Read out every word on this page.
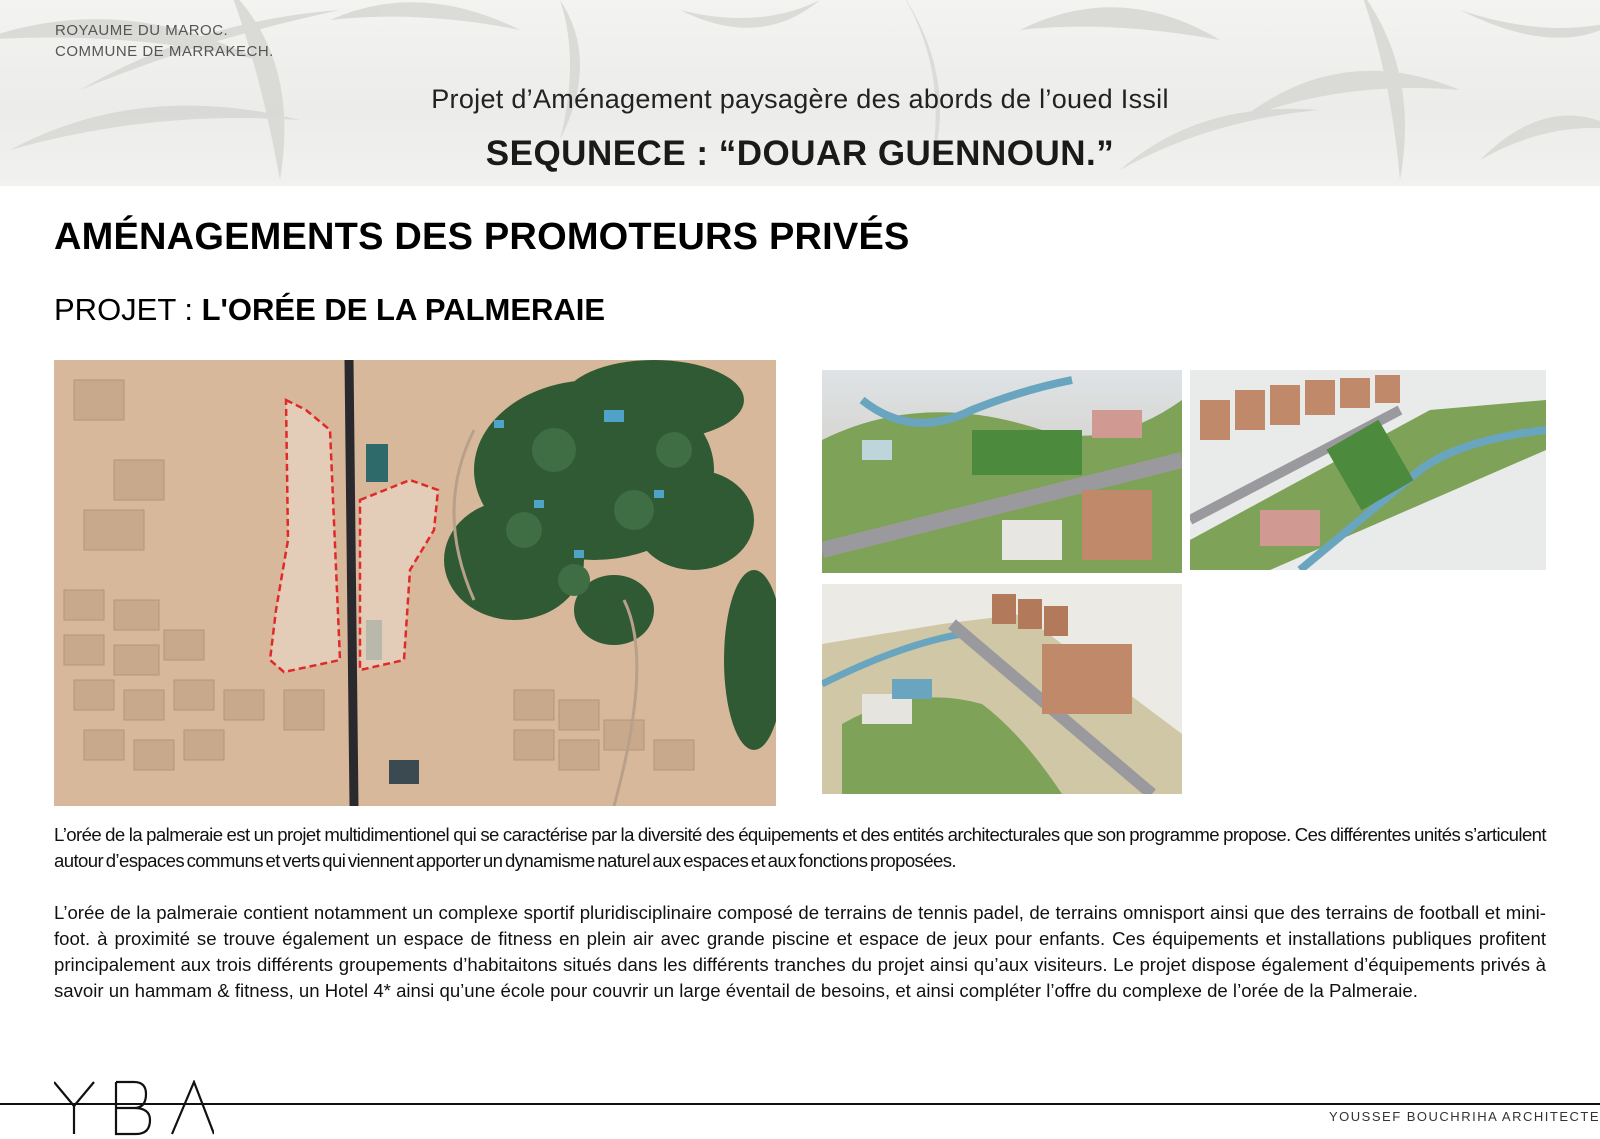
ROYAUME DU MAROC.
COMMUNE DE MARRAKECH.
Projet d’Aménagement paysagère des abords de l’oued Issil
SEQUNECE : “DOUAR GUENNOUN.”
AMÉNAGEMENTS DES PROMOTEURS PRIVÉS
PROJET : L'ORÉE DE LA PALMERAIE

L’orée de la palmeraie est un projet multidimentionel qui se caractérise par la diversité des équipements et des entités architecturales que son programme propose. Ces différentes unités s’articulent autour d’espaces communs et verts qui viennent apporter un dynamisme naturel aux espaces et aux fonctions proposées.

L’orée de la palmeraie contient notamment un complexe sportif pluridisciplinaire composé de terrains de tennis padel, de terrains omnisport ainsi que des terrains de football et mini-foot. à proximité se trouve également un espace de fitness en plein air avec grande piscine et espace de jeux pour enfants. Ces équipements et installations publiques profitent principalement aux trois différents groupements d’habitaitons situés dans les différents tranches du projet ainsi qu’aux visiteurs. Le projet dispose également d’équipements privés à savoir un hammam & fitness, un Hotel 4* ainsi qu’une école pour couvrir un large éventail de besoins, et ainsi compléter l’offre du complexe de l’orée de la Palmeraie.

YOUSSEF BOUCHRIHA ARCHITECTE
